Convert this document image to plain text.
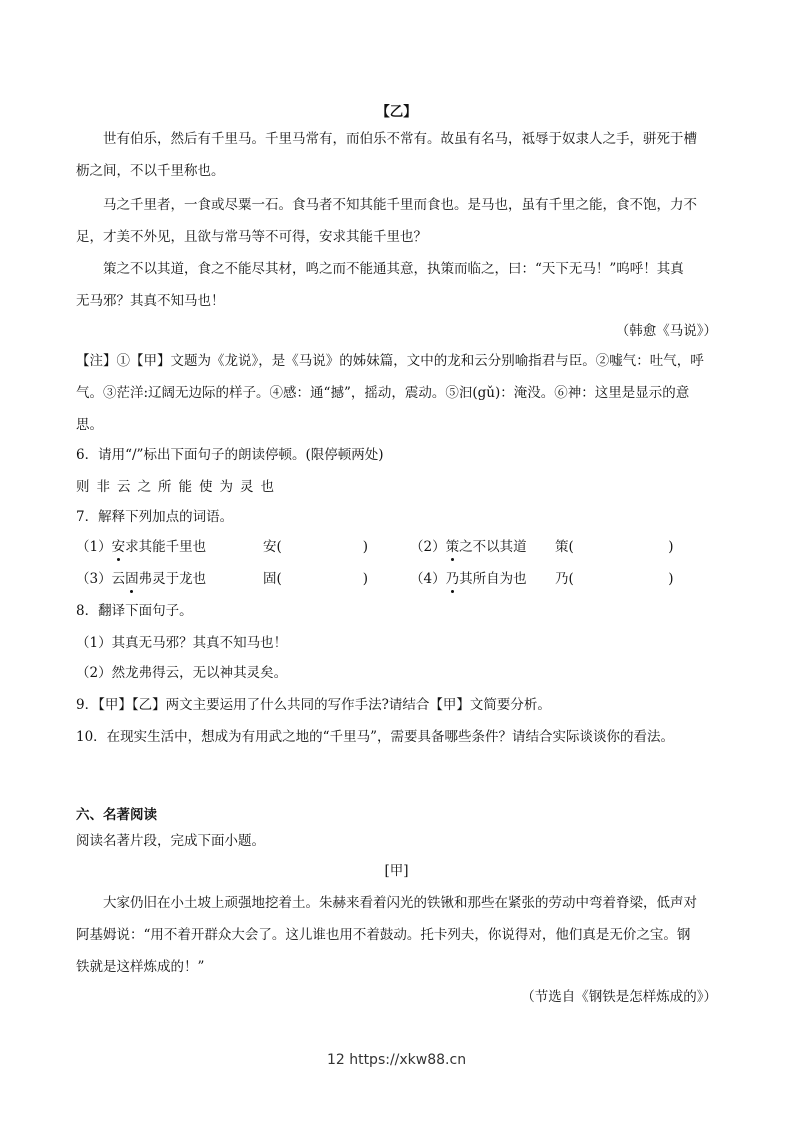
【乙】
世有伯乐，然后有千里马。千里马常有，而伯乐不常有。故虽有名马，祗辱于奴隶人之手，骈死于槽
枥之间，不以千里称也。
马之千里者，一食或尽粟一石。食马者不知其能千里而食也。是马也，虽有千里之能，食不饱，力不
足，才美不外见，且欲与常马等不可得，安求其能千里也？
策之不以其道，食之不能尽其材，鸣之而不能通其意，执策而临之，曰：“天下无马！”呜呼！其真
无马邪？其真不知马也！
（韩愈《马说》）
【注】①【甲】文题为《龙说》，是《马说》的姊妹篇，文中的龙和云分别喻指君与臣。②嘘气：吐气，呼
气。③茫洋:辽阔无边际的样子。④感：通“撼”，摇动，震动。⑤汩(gǔ)：淹没。⑥神：这里是显示的意
思。
6．请用“/”标出下面句子的朗读停顿。(限停顿两处)
则非云之所能使为灵也
7．解释下列加点的词语。
（1）安求其能千里也	安(　　　　　　)	（2）策之不以其道 策(　　　　　　　)
（3）云固弗灵于龙也	固(　　　　　　)	（4）乃其所自为也 乃(　　　　　　　)
8．翻译下面句子。
（1）其真无马邪？其真不知马也！
（2）然龙弗得云，无以神其灵矣。
9．【甲】【乙】两文主要运用了什么共同的写作手法?请结合【甲】文简要分析。
10．在现实生活中，想成为有用武之地的“千里马”，需要具备哪些条件？请结合实际谈谈你的看法。
六、名著阅读
阅读名著片段，完成下面小题。
[甲]
大家仍旧在小土坡上顽强地挖着土。朱赫来看着闪光的铁锹和那些在紧张的劳动中弯着脊梁，低声对
阿基姆说：“用不着开群众大会了。这儿谁也用不着鼓动。托卡列夫，你说得对，他们真是无价之宝。钢
铁就是这样炼成的！”
（节选自《钢铁是怎样炼成的》）
12 https://xkw88.cn
